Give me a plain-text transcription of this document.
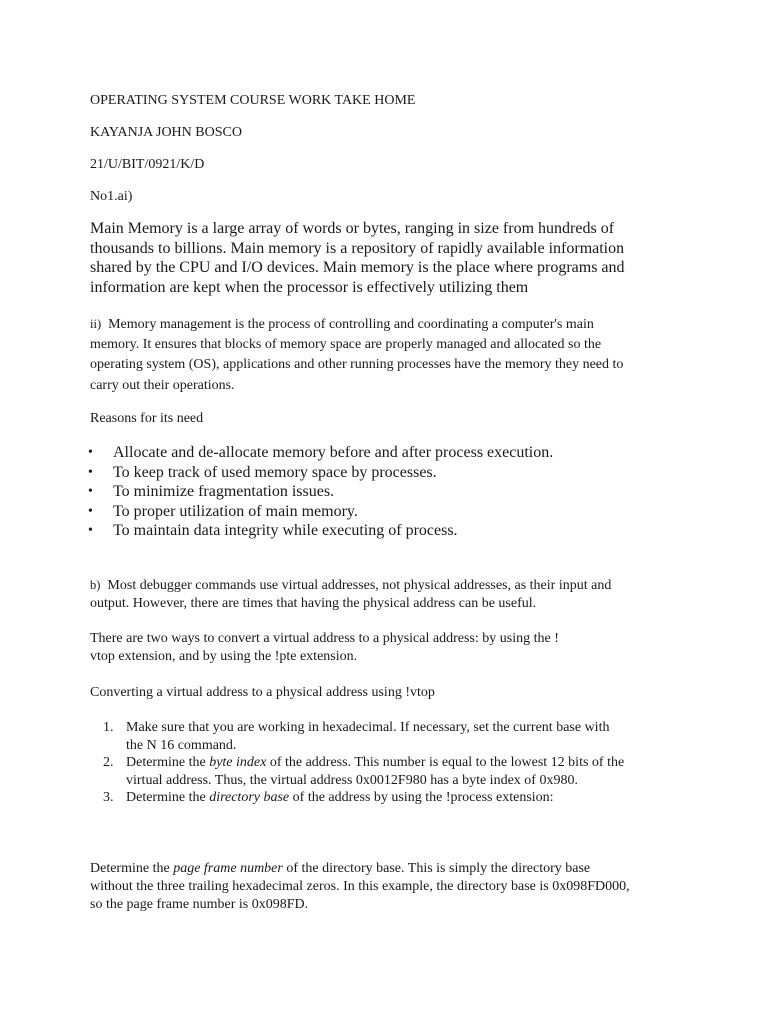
OPERATING SYSTEM COURSE WORK TAKE HOME

KAYANJA JOHN BOSCO

21/U/BIT/0921/K/D

No1.ai)

Main Memory is a large array of words or bytes, ranging in size from hundreds of

thousands to billions. Main memory is a repository of rapidly available information

shared by the CPU and I/O devices. Main memory is the place where programs and

information are kept when the processor is effectively utilizing them

ii) Memory management is the process of controlling and coordinating a computer's main

memory. It ensures that blocks of memory space are properly managed and allocated so the

operating system (OS), applications and other running processes have the memory they need to

carry out their operations.

Reasons for its need

• Allocate and de-allocate memory before and after process execution.
• To keep track of used memory space by processes.
• To minimize fragmentation issues.
• To proper utilization of main memory.
• To maintain data integrity while executing of process.

b) Most debugger commands use virtual addresses, not physical addresses, as their input and

output. However, there are times that having the physical address can be useful.

There are two ways to convert a virtual address to a physical address: by using the !

vtop extension, and by using the !pte extension.

Converting a virtual address to a physical address using !vtop

1. Make sure that you are working in hexadecimal. If necessary, set the current base with
the N 16 command.
2. Determine the byte index of the address. This number is equal to the lowest 12 bits of the
virtual address. Thus, the virtual address 0x0012F980 has a byte index of 0x980.
3. Determine the directory base of the address by using the !process extension:

Determine the page frame number of the directory base. This is simply the directory base

without the three trailing hexadecimal zeros. In this example, the directory base is 0x098FD000,

so the page frame number is 0x098FD.
